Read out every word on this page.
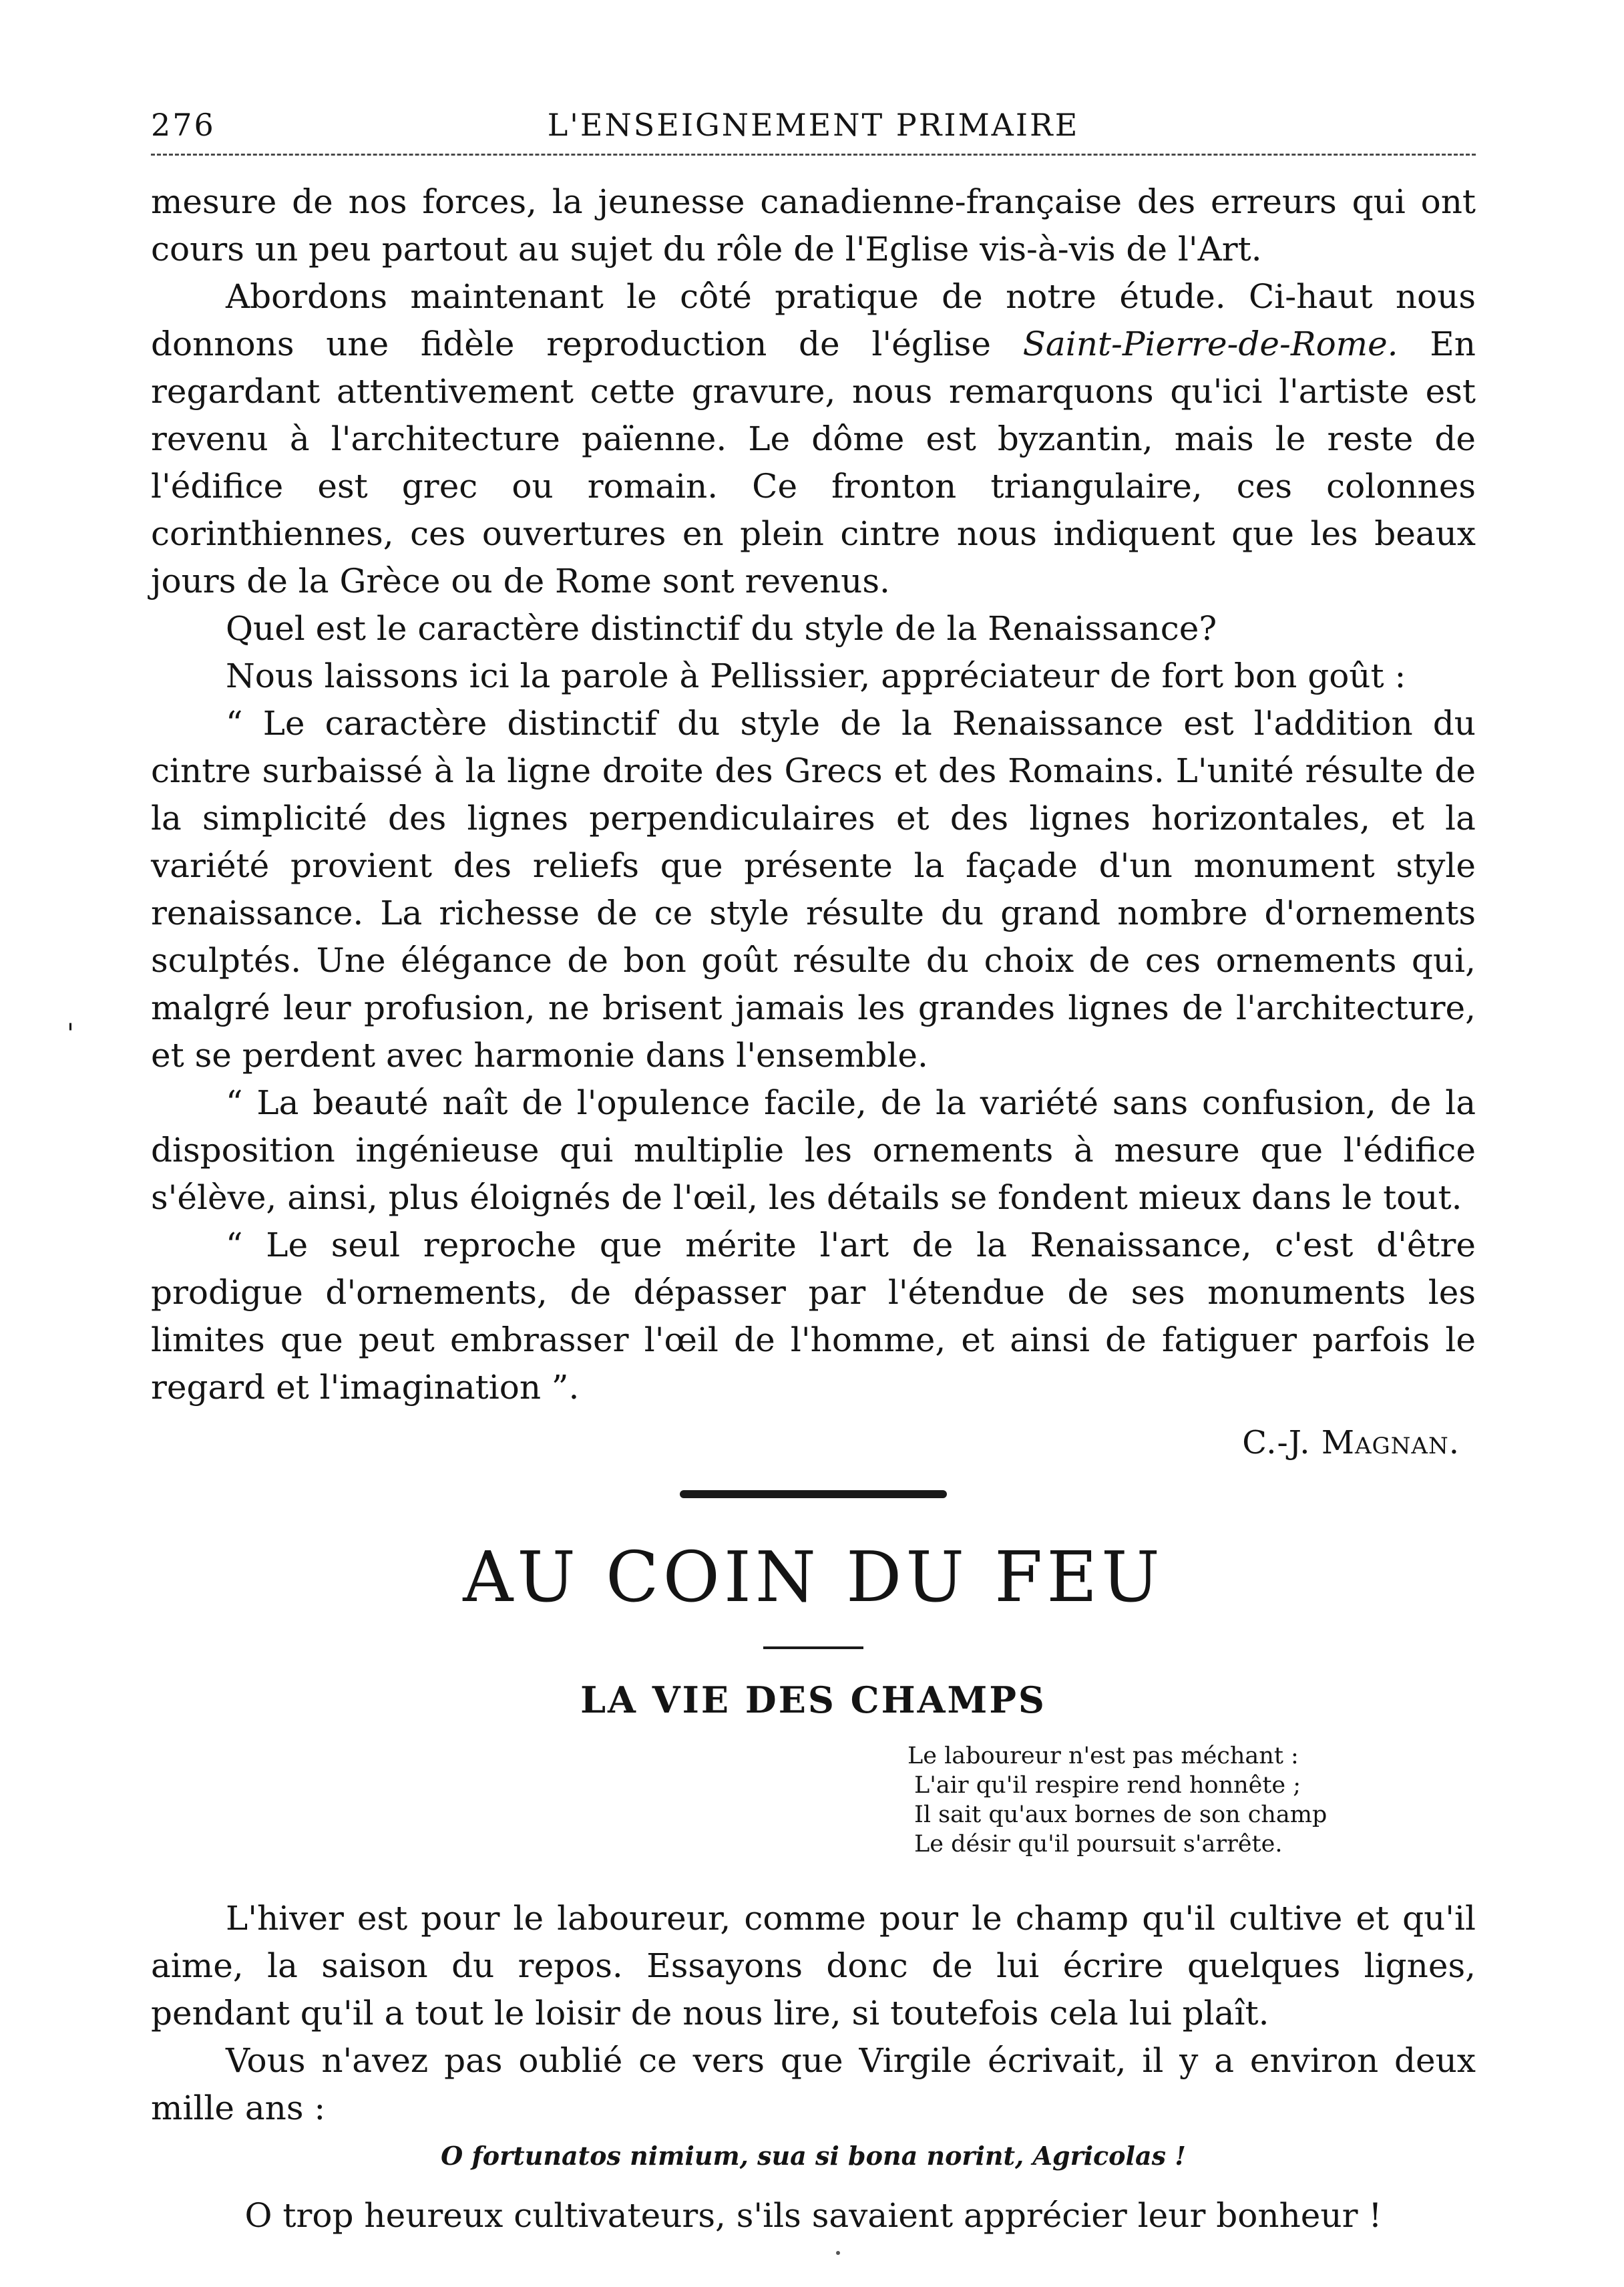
276	L'ENSEIGNEMENT PRIMAIRE

mesure de nos forces, la jeunesse canadienne-française des erreurs qui ont cours un peu partout au sujet du rôle de l'Eglise vis-à-vis de l'Art.

Abordons maintenant le côté pratique de notre étude. Ci-haut nous donnons une fidèle reproduction de l'église Saint-Pierre-de-Rome. En regardant attentivement cette gravure, nous remarquons qu'ici l'artiste est revenu à l'architecture païenne. Le dôme est byzantin, mais le reste de l'édifice est grec ou romain. Ce fronton triangulaire, ces colonnes corinthiennes, ces ouvertures en plein cintre nous indiquent que les beaux jours de la Grèce ou de Rome sont revenus.

Quel est le caractère distinctif du style de la Renaissance?

Nous laissons ici la parole à Pellissier, appréciateur de fort bon goût :

“ Le caractère distinctif du style de la Renaissance est l'addition du cintre surbaissé à la ligne droite des Grecs et des Romains. L'unité résulte de la simplicité des lignes perpendiculaires et des lignes horizontales, et la variété provient des reliefs que présente la façade d'un monument style renaissance. La richesse de ce style résulte du grand nombre d'ornements sculptés. Une élégance de bon goût résulte du choix de ces ornements qui, malgré leur profusion, ne brisent jamais les grandes lignes de l'architecture, et se perdent avec harmonie dans l'ensemble.

“ La beauté naît de l'opulence facile, de la variété sans confusion, de la disposition ingénieuse qui multiplie les ornements à mesure que l'édifice s'élève, ainsi, plus éloignés de l'œil, les détails se fondent mieux dans le tout.

“ Le seul reproche que mérite l'art de la Renaissance, c'est d'être prodigue d'ornements, de dépasser par l'étendue de ses monuments les limites que peut embrasser l'œil de l'homme, et ainsi de fatiguer parfois le regard et l'imagination ”.

C.-J. Magnan.
AU COIN DU FEU
LA VIE DES CHAMPS
Le laboureur n'est pas méchant :
L'air qu'il respire rend honnête ;
Il sait qu'aux bornes de son champ
Le désir qu'il poursuit s'arrête.

L'hiver est pour le laboureur, comme pour le champ qu'il cultive et qu'il aime, la saison du repos. Essayons donc de lui écrire quelques lignes, pendant qu'il a tout le loisir de nous lire, si toutefois cela lui plaît.

Vous n'avez pas oublié ce vers que Virgile écrivait, il y a environ deux mille ans :

O fortunatos nimium, sua si bona norint, Agricolas !

O trop heureux cultivateurs, s'ils savaient apprécier leur bonheur !

'
